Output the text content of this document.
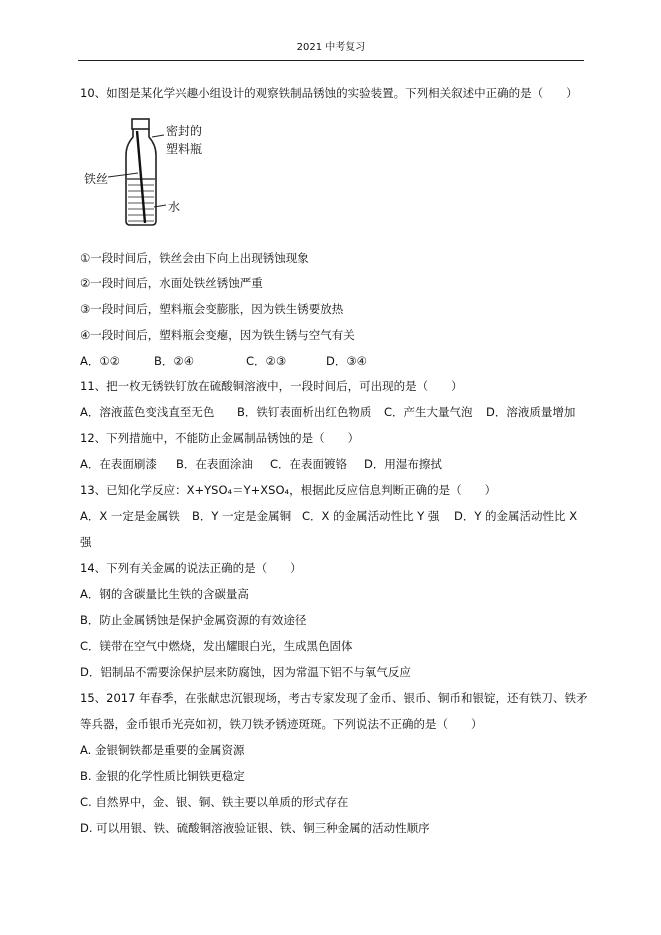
2021 中考复习
10、如图是某化学兴趣小组设计的观察铁制品锈蚀的实验装置。下列相关叙述中正确的是（　　）
密封的
塑料瓶
铁丝
水
①一段时间后，铁丝会由下向上出现锈蚀现象
②一段时间后，水面处铁丝锈蚀严重
③一段时间后，塑料瓶会变膨胀，因为铁生锈要放热
④一段时间后，塑料瓶会变瘪，因为铁生锈与空气有关
A．①②	B．②④	C．②③	D．③④
11、把一枚无锈铁钉放在硫酸铜溶液中，一段时间后，可出现的是（　　）
A．溶液蓝色变浅直至无色 B．铁钉表面析出红色物质 C．产生大量气泡 D．溶液质量增加
12、下列措施中，不能防止金属制品锈蚀的是（　　）
A．在表面刷漆 B．在表面涂油 C．在表面镀铬 D．用湿布擦拭
13、已知化学反应：X+YSO₄＝Y+XSO₄，根据此反应信息判断正确的是（　　）
A．X 一定是金属铁 B．Y 一定是金属铜 C．X 的金属活动性比 Y 强 D．Y 的金属活动性比 X
强
14、下列有关金属的说法正确的是（　　）
A．钢的含碳量比生铁的含碳量高
B．防止金属锈蚀是保护金属资源的有效途径
C．镁带在空气中燃烧，发出耀眼白光，生成黑色固体
D．铝制品不需要涂保护层来防腐蚀，因为常温下铝不与氧气反应
15、2017 年春季，在张献忠沉银现场，考古专家发现了金币、银币、铜币和银锭，还有铁刀、铁矛
等兵器，金币银币光亮如初，铁刀铁矛锈迹斑斑。下列说法不正确的是（　　）
A. 金银铜铁都是重要的金属资源
B. 金银的化学性质比铜铁更稳定
C. 自然界中，金、银、铜、铁主要以单质的形式存在
D. 可以用银、铁、硫酸铜溶液验证银、铁、铜三种金属的活动性顺序
